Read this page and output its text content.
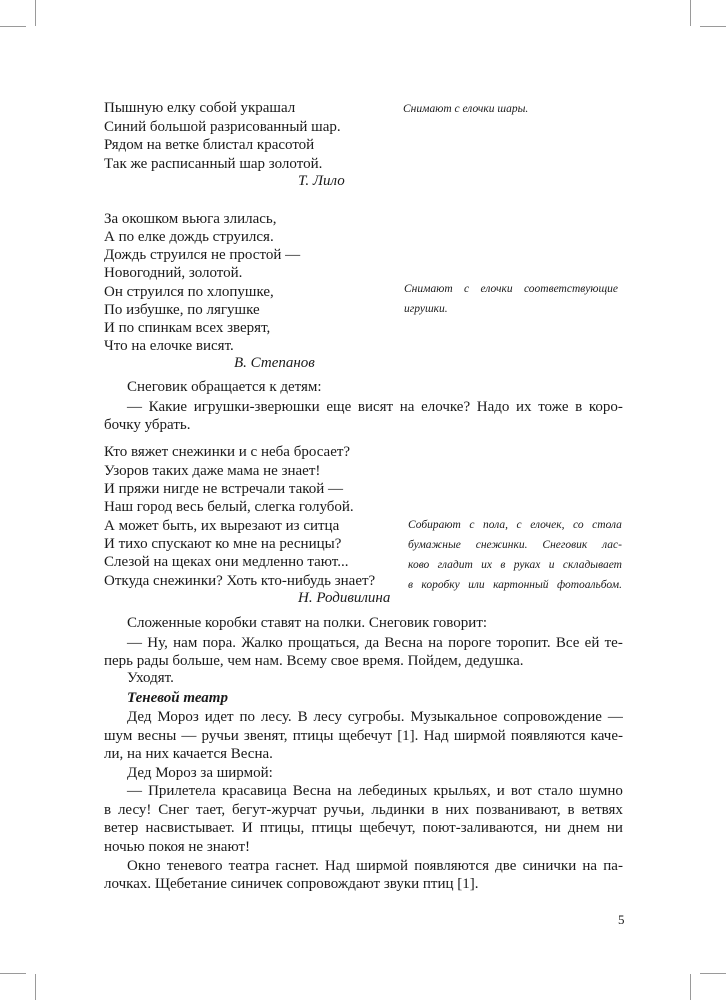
Пышную елку собой украшал
Синий большой разрисованный шар.
Рядом на ветке блистал красотой
Так же расписанный шар золотой.
Т. Лило
Снимают с елочки шары.
За окошком вьюга злилась,
А по елке дождь струился.
Дождь струился не простой —
Новогодний, золотой.
Он струился по хлопушке,
По избушке, по лягушке
И по спинкам всех зверят,
Что на елочке висят.
В. Степанов
Снимают с елочки соответствующие
игрушки.
Снеговик обращается к детям:
— Какие игрушки-зверюшки еще висят на елочке? Надо их тоже в коро-
бочку убрать.
Кто вяжет снежинки и с неба бросает?
Узоров таких даже мама не знает!
И пряжи нигде не встречали такой —
Наш город весь белый, слегка голубой.
А может быть, их вырезают из ситца
И тихо спускают ко мне на ресницы?
Слезой на щеках они медленно тают...
Откуда снежинки? Хоть кто-нибудь знает?
Н. Родивилина
Собирают с пола, с елочек, со стола
бумажные снежинки. Снеговик лас-
ково гладит их в руках и складывает
в коробку или картонный фотоальбом.
Сложенные коробки ставят на полки. Снеговик говорит:
— Ну, нам пора. Жалко прощаться, да Весна на пороге торопит. Все ей те-
перь рады больше, чем нам. Всему свое время. Пойдем, дедушка.
Уходят.
Теневой театр
Дед Мороз идет по лесу. В лесу сугробы. Музыкальное сопровождение —
шум весны — ручьи звенят, птицы щебечут [1]. Над ширмой появляются каче-
ли, на них качается Весна.
Дед Мороз за ширмой:
— Прилетела красавица Весна на лебединых крыльях, и вот стало шумно
в лесу! Снег тает, бегут-журчат ручьи, льдинки в них позванивают, в ветвях
ветер насвистывает. И птицы, птицы щебечут, поют-заливаются, ни днем ни
ночью покоя не знают!
Окно теневого театра гаснет. Над ширмой появляются две синички на па-
лочках. Щебетание синичек сопровождают звуки птиц [1].
5
